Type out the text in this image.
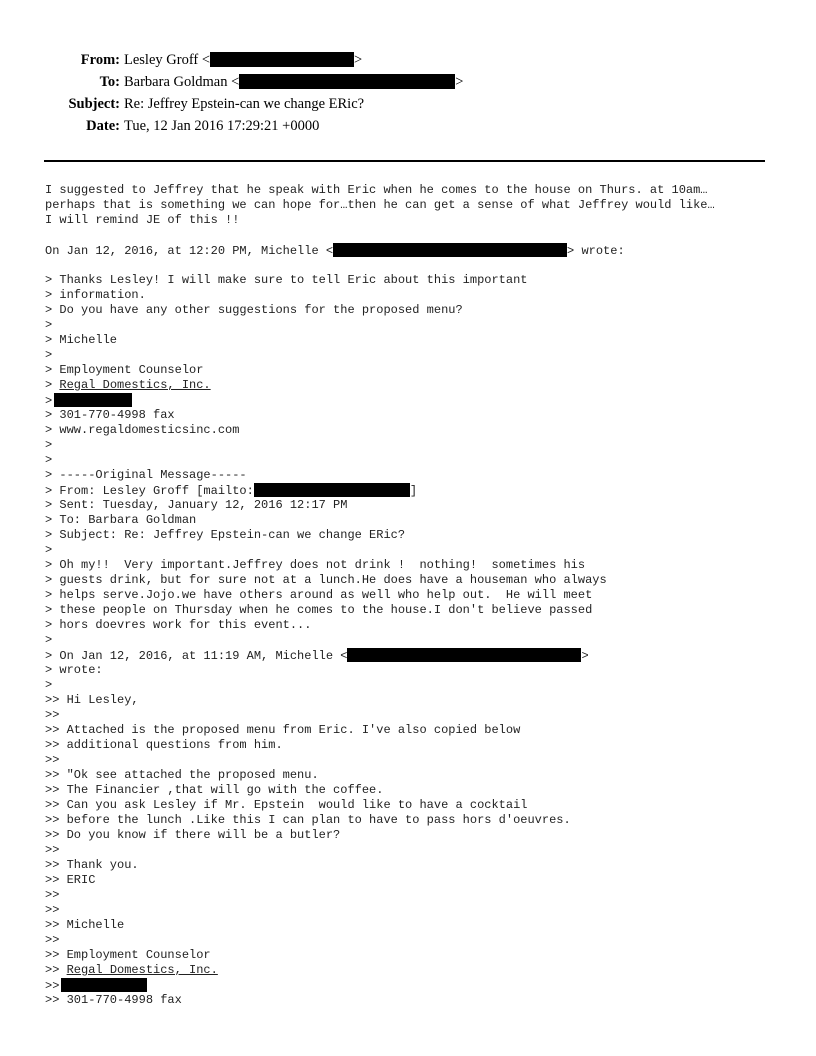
From: Lesley Groff <	>
To: Barbara Goldman <	>
Subject: Re: Jeffrey Epstein-can we change ERic?
Date: Tue, 12 Jan 2016 17:29:21 +0000
I suggested to Jeffrey that he speak with Eric when he comes to the house on Thurs. at 10am…
perhaps that is something we can hope for…then he can get a sense of what Jeffrey would like…
I will remind JE of this !!
On Jan 12, 2016, at 12:20 PM, Michelle <	> wrote:
> Thanks Lesley! I will make sure to tell Eric about this important
> information.
> Do you have any other suggestions for the proposed menu?
>
> Michelle
>
> Employment Counselor
> Regal Domestics, Inc.
>
> 301-770-4998 fax
> www.regaldomesticsinc.com
>
>
> -----Original Message-----
> From: Lesley Groff [mailto:	]
> Sent: Tuesday, January 12, 2016 12:17 PM
> To: Barbara Goldman
> Subject: Re: Jeffrey Epstein-can we change ERic?
>
> Oh my!!  Very important.Jeffrey does not drink !  nothing!  sometimes his
> guests drink, but for sure not at a lunch.He does have a houseman who always
> helps serve.Jojo.we have others around as well who help out.  He will meet
> these people on Thursday when he comes to the house.I don't believe passed
> hors doevres work for this event...
>
> On Jan 12, 2016, at 11:19 AM, Michelle <	>
> wrote:
>
>> Hi Lesley,
>>
>> Attached is the proposed menu from Eric. I've also copied below
>> additional questions from him.
>>
>> "Ok see attached the proposed menu.
>> The Financier ,that will go with the coffee.
>> Can you ask Lesley if Mr. Epstein  would like to have a cocktail
>> before the lunch .Like this I can plan to have to pass hors d'oeuvres.
>> Do you know if there will be a butler?
>>
>> Thank you.
>> ERIC
>>
>>
>> Michelle
>>
>> Employment Counselor
>> Regal Domestics, Inc.
>>
>> 301-770-4998 fax
